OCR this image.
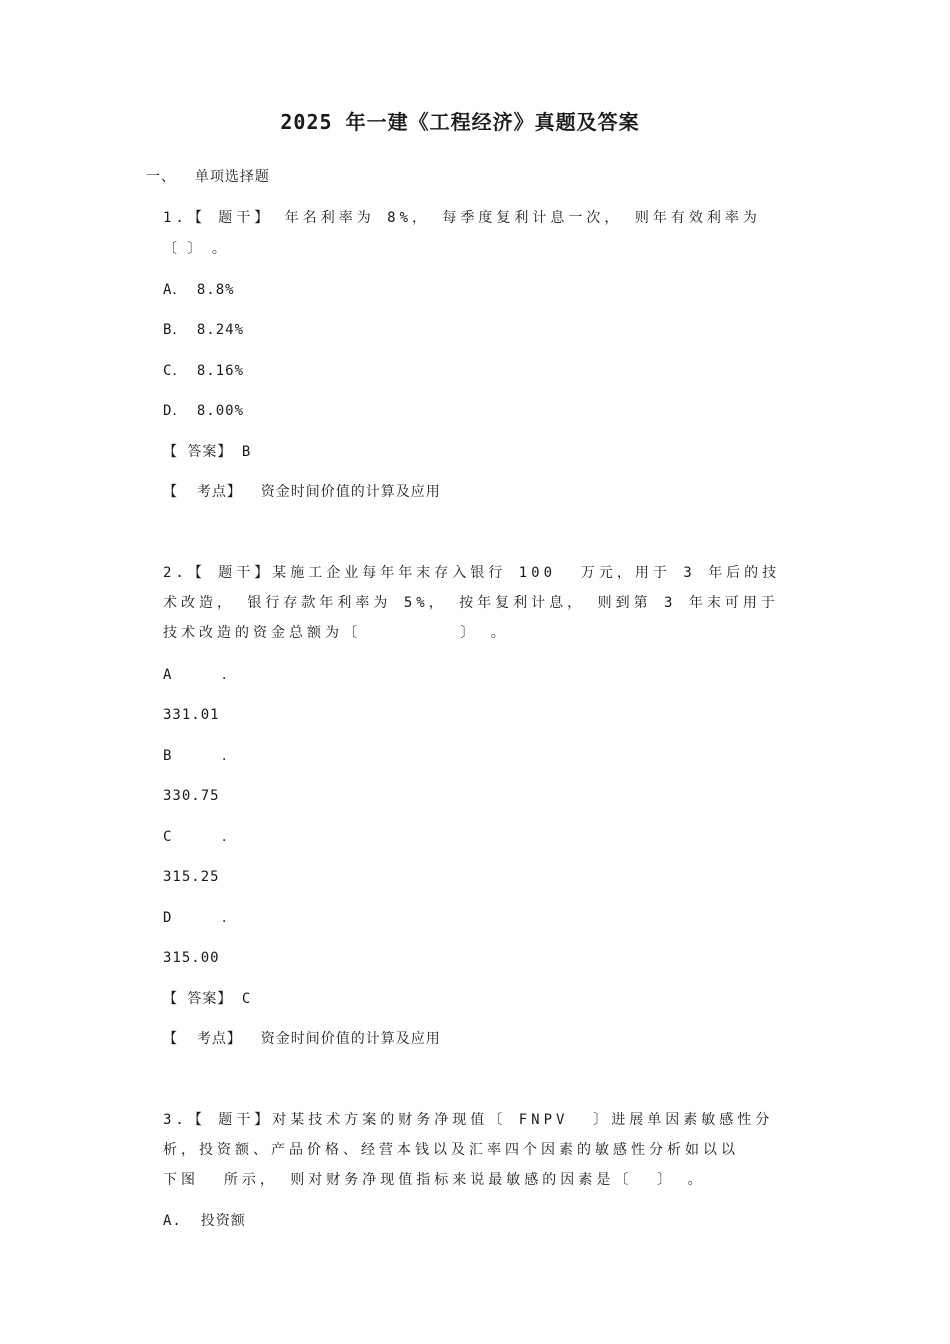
2025 年一建《工程经济》真题及答案
一、  单项选择题
1.【 题干】 年名利率为 8%， 每季度复利计息一次， 则年有效利率为
〔 〕 。
A． 8.8%
B． 8.24%
C． 8.16%
D． 8.00%
【 答案】 B
【  考点】  资金时间价值的计算及应用
2.【 题干】某施工企业每年年末存入银行 100  万元，用于 3 年后的技
术改造， 银行存款年利率为 5%， 按年复利计息， 则到第 3 年末可用于
技术改造的资金总额为〔        〕 。
A	．
331.01
B	．
330.75
C	．
315.25
D	．
315.00
【 答案】 C
【  考点】  资金时间价值的计算及应用
3.【 题干】对某技术方案的财务净现值〔 FNPV  〕进展单因素敏感性分
析，投资额、产品价格、经营本钱以及汇率四个因素的敏感性分析如以以
下图  所示， 则对财务净现值指标来说最敏感的因素是〔  〕 。
A.  投资额
